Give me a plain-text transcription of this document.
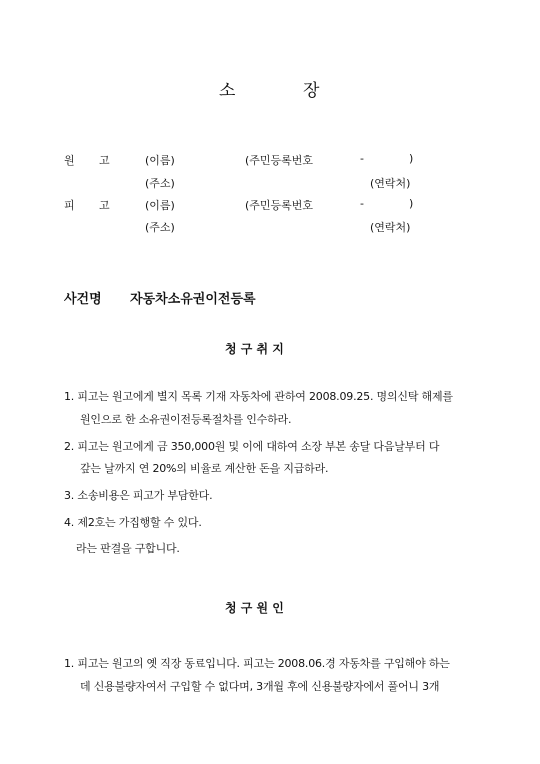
소	장
원 고	(이름)	(주민등록번호	-	)
(주소)	(연락처)
피 고	(이름)	(주민등록번호	-	)
(주소)	(연락처)
사건명 자동차소유권이전등록
청 구 취 지
1. 피고는 원고에게 별지 목록 기재 자동차에 관하여 2008.09.25. 명의신탁 해제를
원인으로 한 소유권이전등록절차를 인수하라.
2. 피고는 원고에게 금 350,000원 및 이에 대하여 소장 부본 송달 다음날부터 다
갚는 날까지 연 20%의 비율로 계산한 돈을 지급하라.
3. 소송비용은 피고가 부담한다.
4. 제2호는 가집행할 수 있다.
라는 판결을 구합니다.
청 구 원 인
1. 피고는 원고의 옛 직장 동료입니다. 피고는 2008.06.경 자동차를 구입해야 하는
데 신용불량자여서 구입할 수 없다며, 3개월 후에 신용불량자에서 풀어니 3개
